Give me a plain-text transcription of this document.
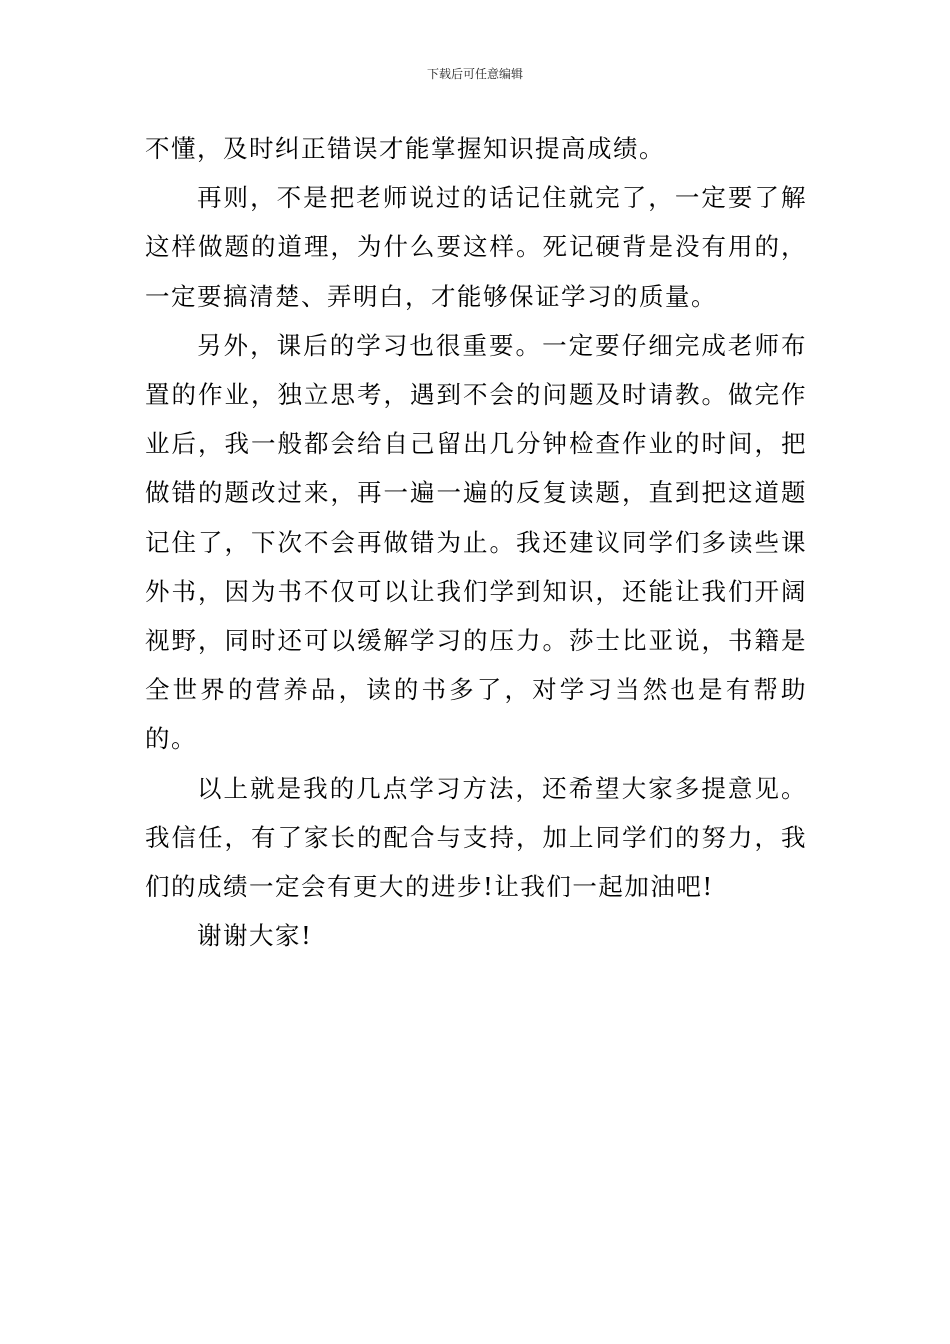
下载后可任意编辑

不懂，及时纠正错误才能掌握知识提高成绩。

再则，不是把老师说过的话记住就完了，一定要了解这样做题的道理，为什么要这样。死记硬背是没有用的，一定要搞清楚、弄明白，才能够保证学习的质量。

另外，课后的学习也很重要。一定要仔细完成老师布置的作业，独立思考，遇到不会的问题及时请教。做完作业后，我一般都会给自己留出几分钟检查作业的时间，把做错的题改过来，再一遍一遍的反复读题，直到把这道题记住了，下次不会再做错为止。我还建议同学们多读些课外书，因为书不仅可以让我们学到知识，还能让我们开阔视野，同时还可以缓解学习的压力。莎士比亚说，书籍是全世界的营养品，读的书多了，对学习当然也是有帮助的。

以上就是我的几点学习方法，还希望大家多提意见。我信任，有了家长的配合与支持，加上同学们的努力，我们的成绩一定会有更大的进步!让我们一起加油吧!

谢谢大家!
